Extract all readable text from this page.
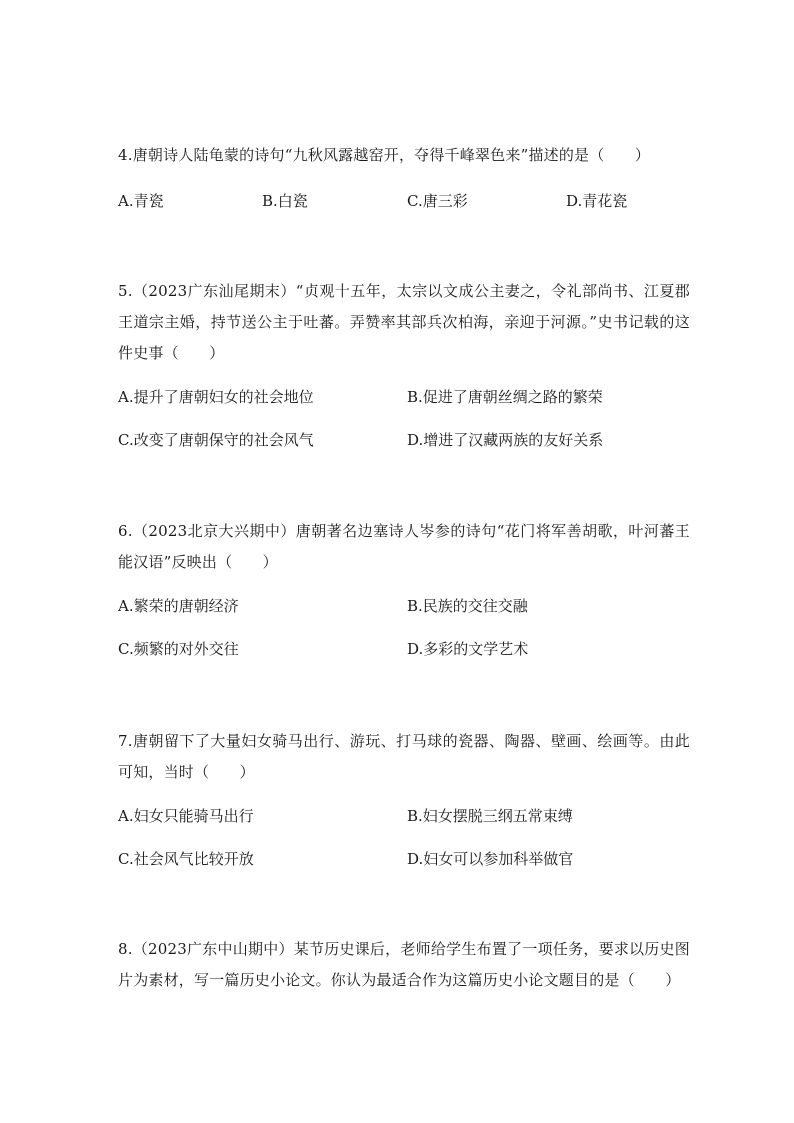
4.唐朝诗人陆龟蒙的诗句“九秋风露越窑开，夺得千峰翠色来”描述的是（　　）

A.青瓷	B.白瓷	C.唐三彩	D.青花瓷

5.（2023广东汕尾期末）“贞观十五年，太宗以文成公主妻之，令礼部尚书、江夏郡王道宗主婚，持节送公主于吐蕃。弄赞率其部兵次柏海，亲迎于河源。”史书记载的这件史事（　　）

A.提升了唐朝妇女的社会地位	B.促进了唐朝丝绸之路的繁荣
C.改变了唐朝保守的社会风气	D.增进了汉藏两族的友好关系

6.（2023北京大兴期中）唐朝著名边塞诗人岑参的诗句“花门将军善胡歌，叶河蕃王能汉语”反映出（　　）

A.繁荣的唐朝经济	B.民族的交往交融
C.频繁的对外交往	D.多彩的文学艺术

7.唐朝留下了大量妇女骑马出行、游玩、打马球的瓷器、陶器、壁画、绘画等。由此可知，当时（　　）

A.妇女只能骑马出行	B.妇女摆脱三纲五常束缚
C.社会风气比较开放	D.妇女可以参加科举做官

8.（2023广东中山期中）某节历史课后，老师给学生布置了一项任务，要求以历史图片为素材，写一篇历史小论文。你认为最适合作为这篇历史小论文题目的是（　　）
